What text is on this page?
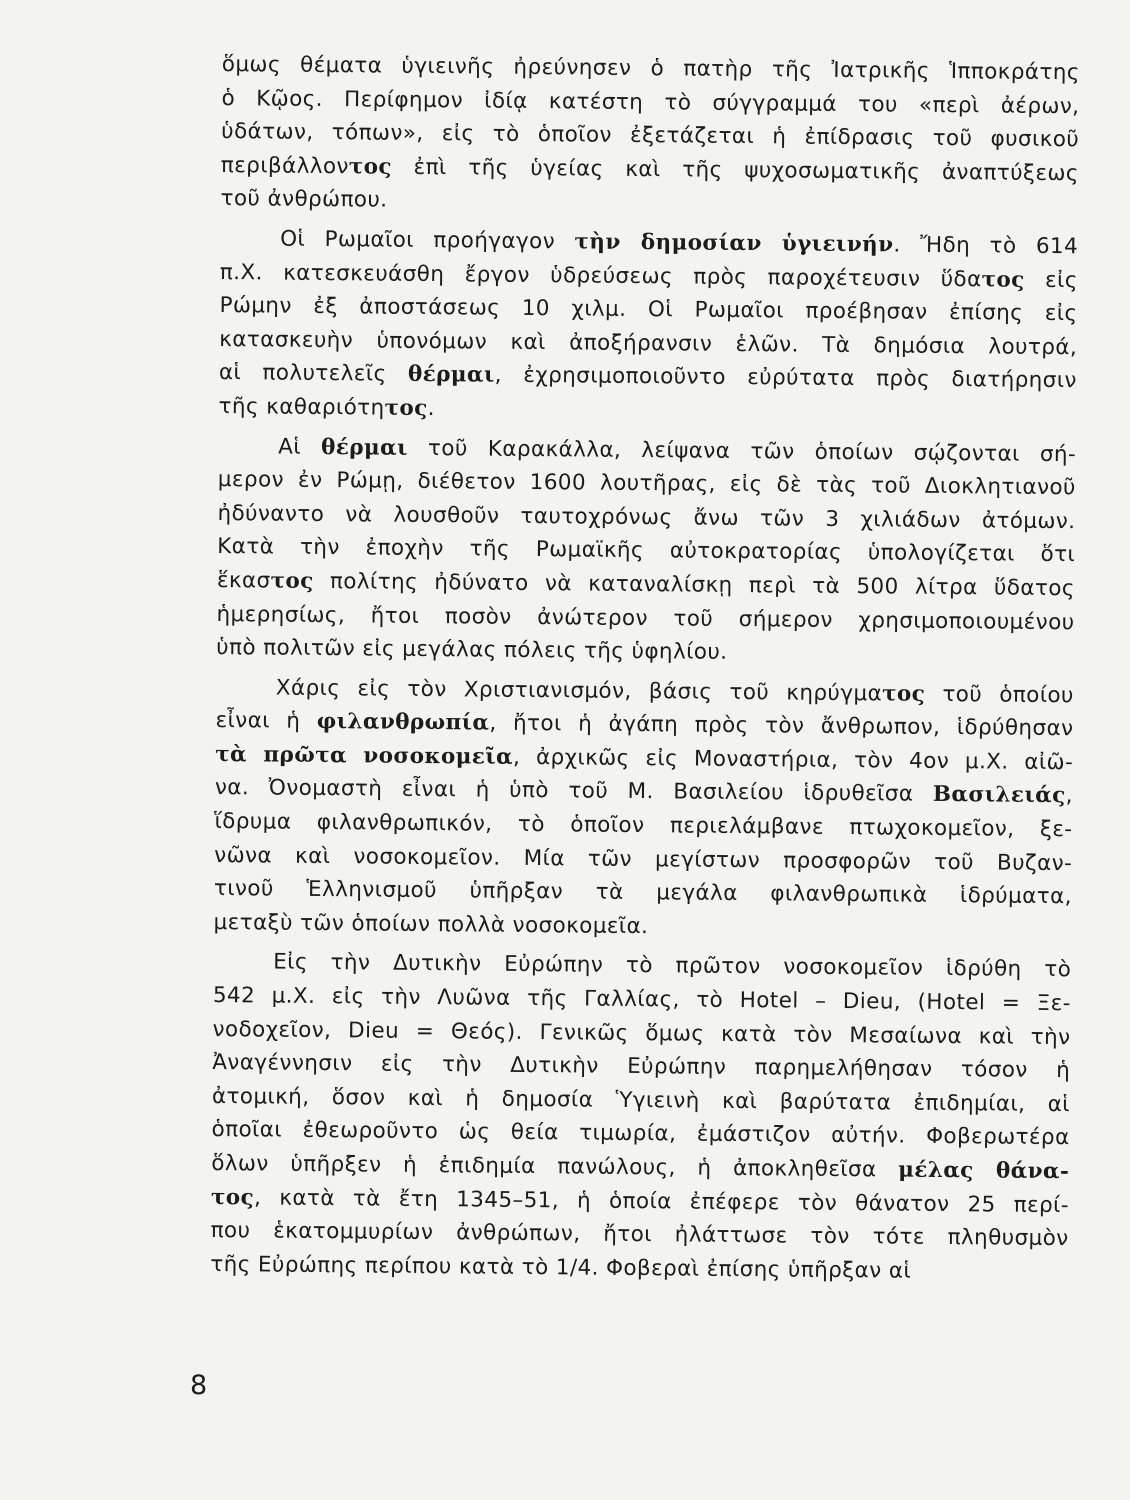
ὅμως θέματα ὑγιεινῆς ἠρεύνησεν ὁ πατὴρ τῆς Ἰατρικῆς Ἱπποκράτης
ὁ Κῷος. Περίφημον ἰδίᾳ κατέστη τὸ σύγγραμμά του «περὶ ἀέρων,
ὑδάτων, τόπων», εἰς τὸ ὁποῖον ἐξετάζεται ἡ ἐπίδρασις τοῦ φυσικοῦ
περιβάλλοντος ἐπὶ τῆς ὑγείας καὶ τῆς ψυχοσωματικῆς ἀναπτύξεως
τοῦ ἀνθρώπου.
Οἱ Ρωμαῖοι προήγαγον τὴν δημοσίαν ὑγιεινήν. Ἤδη τὸ 614
π.Χ. κατεσκευάσθη ἔργον ὑδρεύσεως πρὸς παροχέτευσιν ὕδατος εἰς
Ρώμην ἐξ ἀποστάσεως 10 χιλμ. Οἱ Ρωμαῖοι προέβησαν ἐπίσης εἰς
κατασκευὴν ὑπονόμων καὶ ἀποξήρανσιν ἑλῶν. Τὰ δημόσια λουτρά,
αἱ πολυτελεῖς θέρμαι, ἐχρησιμοποιοῦντο εὐρύτατα πρὸς διατήρησιν
τῆς καθαριότητος.
Αἱ θέρμαι τοῦ Καρακάλλα, λείψανα τῶν ὁποίων σῴζονται σή-
μερον ἐν Ρώμῃ, διέθετον 1600 λουτῆρας, εἰς δὲ τὰς τοῦ Διοκλητιανοῦ
ἠδύναντο νὰ λουσθοῦν ταυτοχρόνως ἄνω τῶν 3 χιλιάδων ἀτόμων.
Κατὰ τὴν ἐποχὴν τῆς Ρωμαϊκῆς αὐτοκρατορίας ὑπολογίζεται ὅτι
ἕκαστος πολίτης ἠδύνατο νὰ καταναλίσκῃ περὶ τὰ 500 λίτρα ὕδατος
ἡμερησίως, ἤτοι ποσὸν ἀνώτερον τοῦ σήμερον χρησιμοποιουμένου
ὑπὸ πολιτῶν εἰς μεγάλας πόλεις τῆς ὑφηλίου.
Χάρις εἰς τὸν Χριστιανισμόν, βάσις τοῦ κηρύγματος τοῦ ὁποίου
εἶναι ἡ φιλανθρωπία, ἤτοι ἡ ἀγάπη πρὸς τὸν ἄνθρωπον, ἱδρύθησαν
τὰ πρῶτα νοσοκομεῖα, ἀρχικῶς εἰς Μοναστήρια, τὸν 4ον μ.Χ. αἰῶ-
να. Ὀνομαστὴ εἶναι ἡ ὑπὸ τοῦ Μ. Βασιλείου ἱδρυθεῖσα Βασιλειάς,
ἵδρυμα φιλανθρωπικόν, τὸ ὁποῖον περιελάμβανε πτωχοκομεῖον, ξε-
νῶνα καὶ νοσοκομεῖον. Μία τῶν μεγίστων προσφορῶν τοῦ Βυζαν-
τινοῦ Ἑλληνισμοῦ ὑπῆρξαν τὰ μεγάλα φιλανθρωπικὰ ἱδρύματα,
μεταξὺ τῶν ὁποίων πολλὰ νοσοκομεῖα.
Εἰς τὴν Δυτικὴν Εὐρώπην τὸ πρῶτον νοσοκομεῖον ἱδρύθη τὸ
542 μ.Χ. εἰς τὴν Λυῶνα τῆς Γαλλίας, τὸ Hotel – Dieu, (Hotel = Ξε-
νοδοχεῖον, Dieu = Θεός). Γενικῶς ὅμως κατὰ τὸν Μεσαίωνα καὶ τὴν
Ἀναγέννησιν εἰς τὴν Δυτικὴν Εὐρώπην παρημελήθησαν τόσον ἡ
ἀτομική, ὅσον καὶ ἡ δημοσία Ὑγιεινὴ καὶ βαρύτατα ἐπιδημίαι, αἱ
ὁποῖαι ἐθεωροῦντο ὡς θεία τιμωρία, ἐμάστιζον αὐτήν. Φοβερωτέρα
ὅλων ὑπῆρξεν ἡ ἐπιδημία πανώλους, ἡ ἀποκληθεῖσα μέλας θάνα-
τος, κατὰ τὰ ἔτη 1345–51, ἡ ὁποία ἐπέφερε τὸν θάνατον 25 περί-
που ἑκατομμυρίων ἀνθρώπων, ἤτοι ἠλάττωσε τὸν τότε πληθυσμὸν
τῆς Εὐρώπης περίπου κατὰ τὸ 1/4. Φοβεραὶ ἐπίσης ὑπῆρξαν αἱ
8
